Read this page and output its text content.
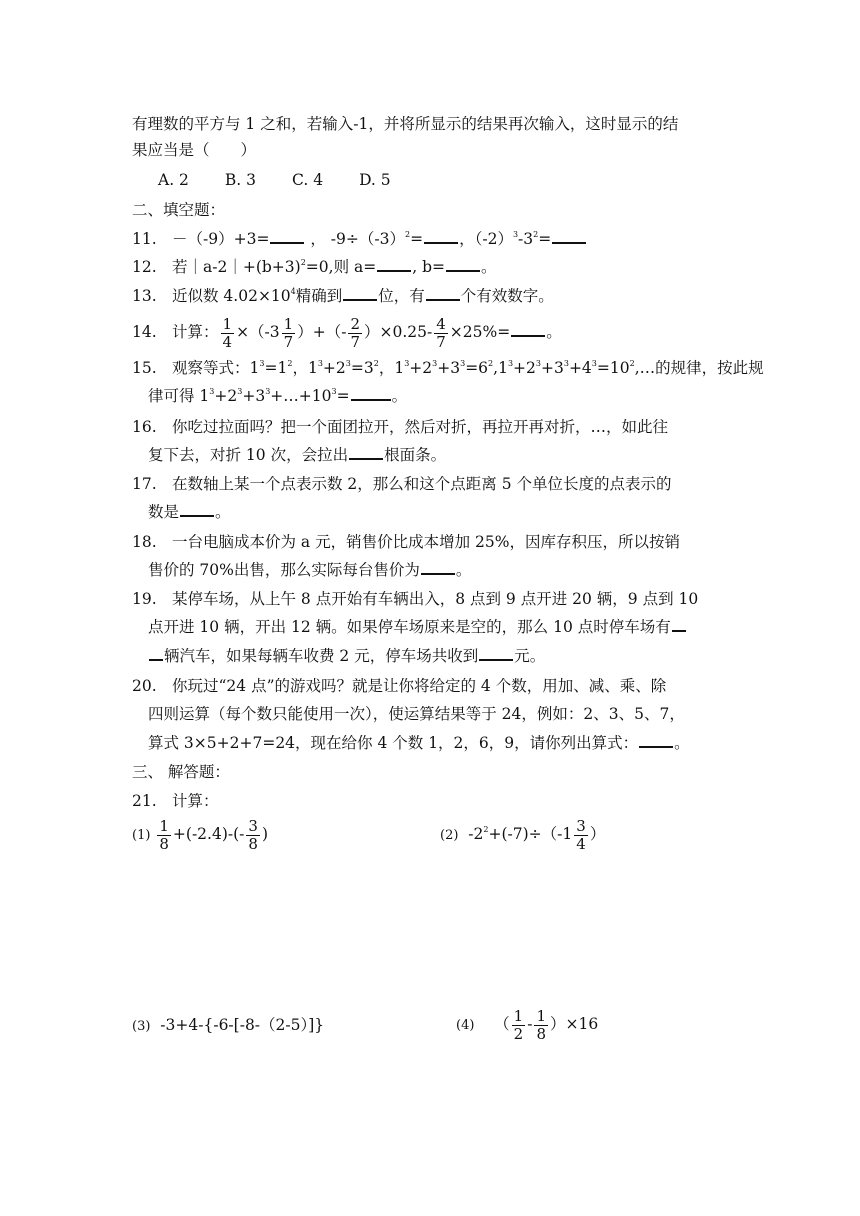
有理数的平方与 1 之和，若输入-1，并将所显示的结果再次输入，这时显示的结
果应当是（　　）
A. 2 B. 3 C. 4 D. 5
二、填空题：
11. －（-9）+3=	， $-9\div(-3)^2=$ ，$(-2)^3-3^2=$
12. 若$|a-2|+(b+3)^2=0$,则 a= , b= 。
13. 近似数 $4.02\times 10^4$精确到 位，有 个有效数字。
14. 计算： $\frac{1}{4} \times(-3 \frac{1}{7}$ ）+（- $\frac{2}{7} )\times 0.25- \frac{4}{7} \times 25\%=$ 。
15. 观察等式：$1^3=1^2$，$1^3+2^3=3^2$，$1^3+2^3+3^3=6^2,1^3+2^3+3^3+4^3=10^2,\dots$的规律，按此规
律可得 $1^3+2^3+3^3+\dots+10^3=$	。
16. 你吃过拉面吗？把一个面团拉开，然后对折，再拉开再对折，…，如此往
复下去，对折 10 次，会拉出 根面条。
17. 在数轴上某一个点表示数 2，那么和这个点距离 5 个单位长度的点表示的
数是 。
18. 一台电脑成本价为 a 元，销售价比成本增加 25%，因库存积压，所以按销
售价的 70%出售，那么实际每台售价为 。
19. 某停车场，从上午 8 点开始有车辆出入，8 点到 9 点开进 20 辆，9 点到 10
点开进 10 辆，开出 12 辆。如果停车场原来是空的，那么 10 点时停车场有
辆汽车，如果每辆车收费 2 元，停车场共收到 元。
20. 你玩过“24 点”的游戏吗？就是让你将给定的 4 个数，用加、减、乘、除
四则运算（每个数只能使用一次），使运算结果等于 24，例如：2、3、5、7，
算式 3×5+2+7=24，现在给你 4 个数 1，2，6，9，请你列出算式： 。
三、 解答题：
21. 计算：
$(1) \frac{1}{8} +(-2.4)-(- \frac{3}{8}$ )	(2) $-2^2+(-7)\div(-1 \frac{3}{4}$ ）
(3) -3+4-{-6-[-8-（2-5）]}	(4) （ $\frac{1}{2} - \frac{1}{8} )\times 16$
